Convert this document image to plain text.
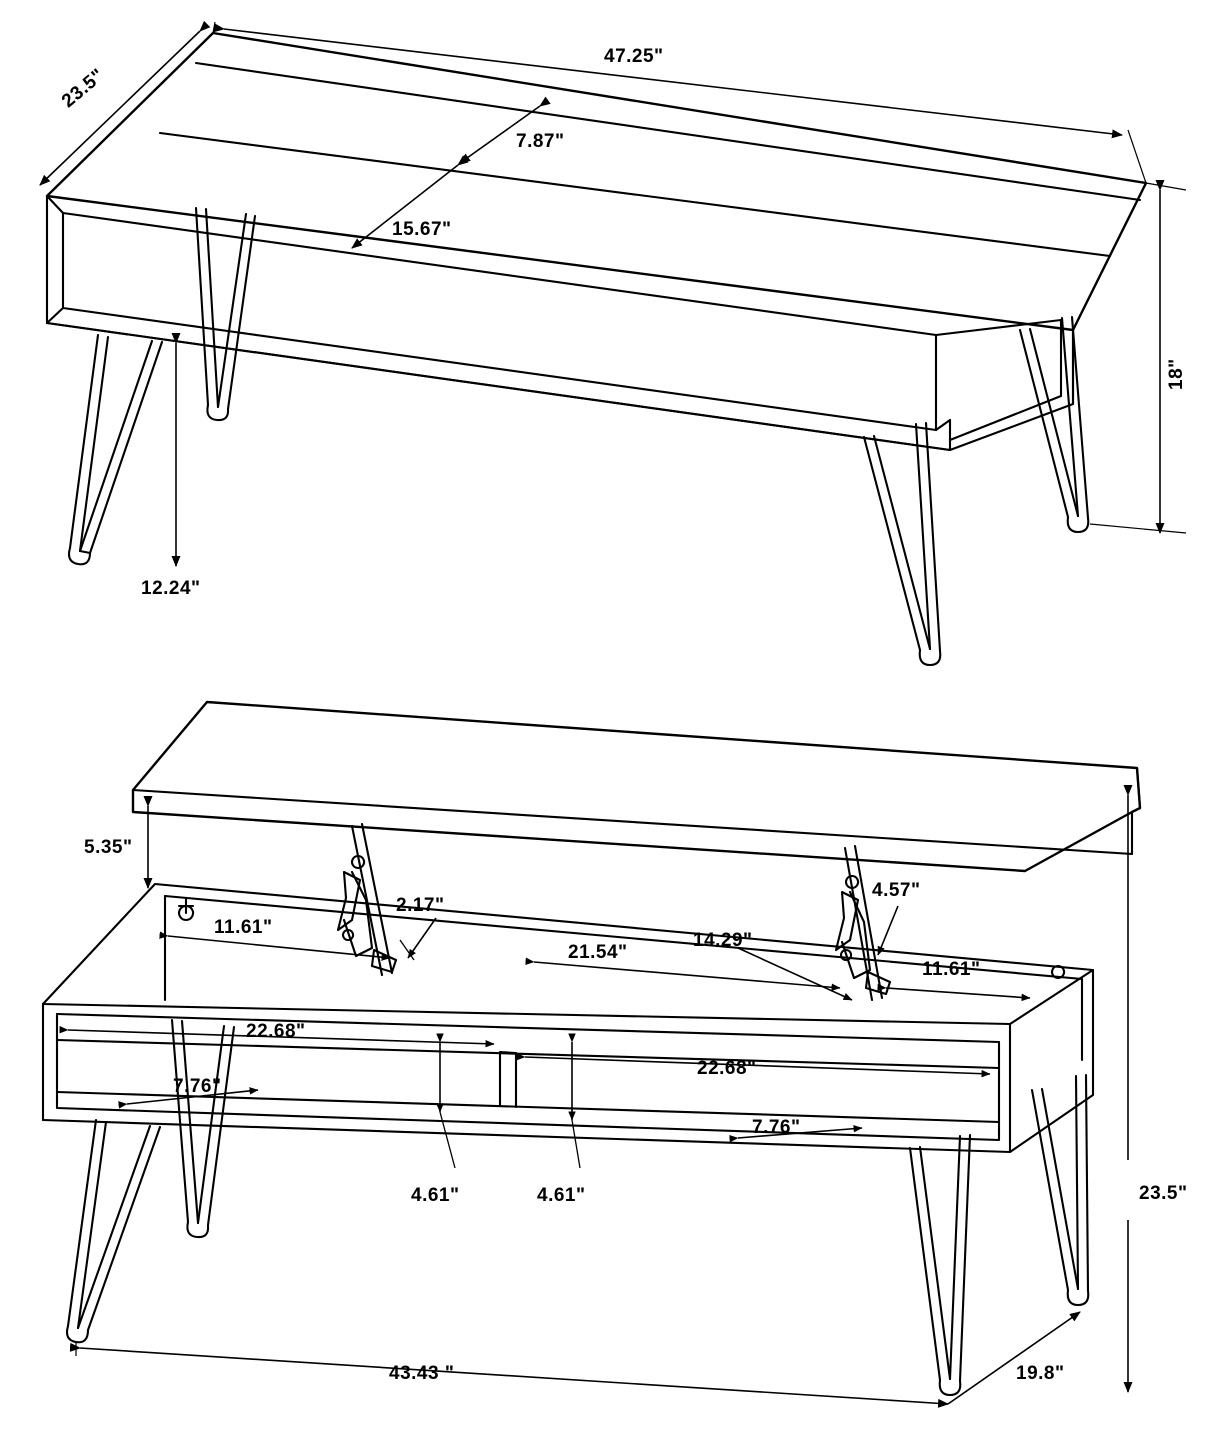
47.25"
23.5"
7.87"
15.67"
18"
12.24"
5.35"
11.61"
2.17"
4.57"
21.54"
14.29"
11.61"
22.68"
22.68"
7.76"
7.76"
4.61"	4.61"	23.5"
43.43 "	19.8"
